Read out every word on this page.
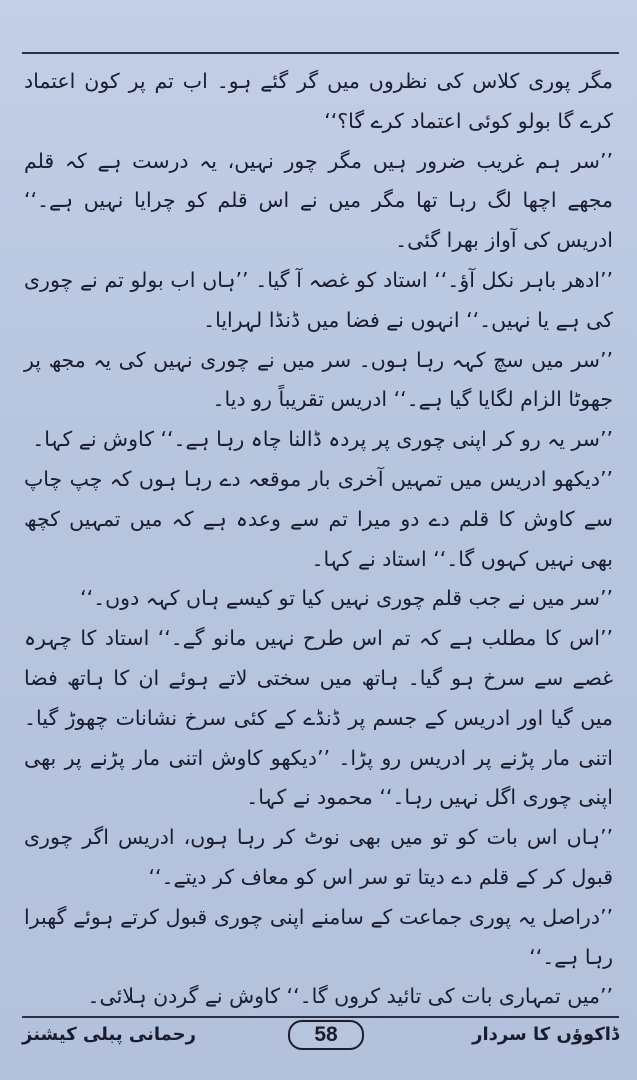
مگر پوری کلاس کی نظروں میں گر گئے ہو۔ اب تم پر کون اعتماد کرے گا بولو کوئی اعتماد کرے گا؟‘‘

’’سر ہم غریب ضرور ہیں مگر چور نہیں، یہ درست ہے کہ قلم مجھے اچھا لگ رہا تھا مگر میں نے اس قلم کو چرایا نہیں ہے۔‘‘ ادریس کی آواز بھرا گئی۔

’’ادھر باہر نکل آؤ۔‘‘ استاد کو غصہ آ گیا۔ ’’ہاں اب بولو تم نے چوری کی ہے یا نہیں۔‘‘ انہوں نے فضا میں ڈنڈا لہرایا۔

’’سر میں سچ کہہ رہا ہوں۔ سر میں نے چوری نہیں کی یہ مجھ پر جھوٹا الزام لگایا گیا ہے۔‘‘ ادریس تقریباً رو دیا۔

’’سر یہ رو کر اپنی چوری پر پردہ ڈالنا چاہ رہا ہے۔‘‘ کاوش نے کہا۔

’’دیکھو ادریس میں تمہیں آخری بار موقعہ دے رہا ہوں کہ چپ چاپ سے کاوش کا قلم دے دو میرا تم سے وعدہ ہے کہ میں تمہیں کچھ بھی نہیں کہوں گا۔‘‘ استاد نے کہا۔

’’سر میں نے جب قلم چوری نہیں کیا تو کیسے ہاں کہہ دوں۔‘‘

’’اس کا مطلب ہے کہ تم اس طرح نہیں مانو گے۔‘‘ استاد کا چہرہ غصے سے سرخ ہو گیا۔ ہاتھ میں سختی لاتے ہوئے ان کا ہاتھ فضا میں گیا اور ادریس کے جسم پر ڈنڈے کے کئی سرخ نشانات چھوڑ گیا۔ اتنی مار پڑنے پر ادریس رو پڑا۔ ’’دیکھو کاوش اتنی مار پڑنے پر بھی اپنی چوری اگل نہیں رہا۔‘‘ محمود نے کہا۔

’’ہاں اس بات کو تو میں بھی نوٹ کر رہا ہوں، ادریس اگر چوری قبول کر کے قلم دے دیتا تو سر اس کو معاف کر دیتے۔‘‘

’’دراصل یہ پوری جماعت کے سامنے اپنی چوری قبول کرتے ہوئے گھبرا رہا ہے۔‘‘

’’میں تمہاری بات کی تائید کروں گا۔‘‘ کاوش نے گردن ہلائی۔

رحمانی پبلی کیشنز	58	ڈاکوؤں کا سردار
